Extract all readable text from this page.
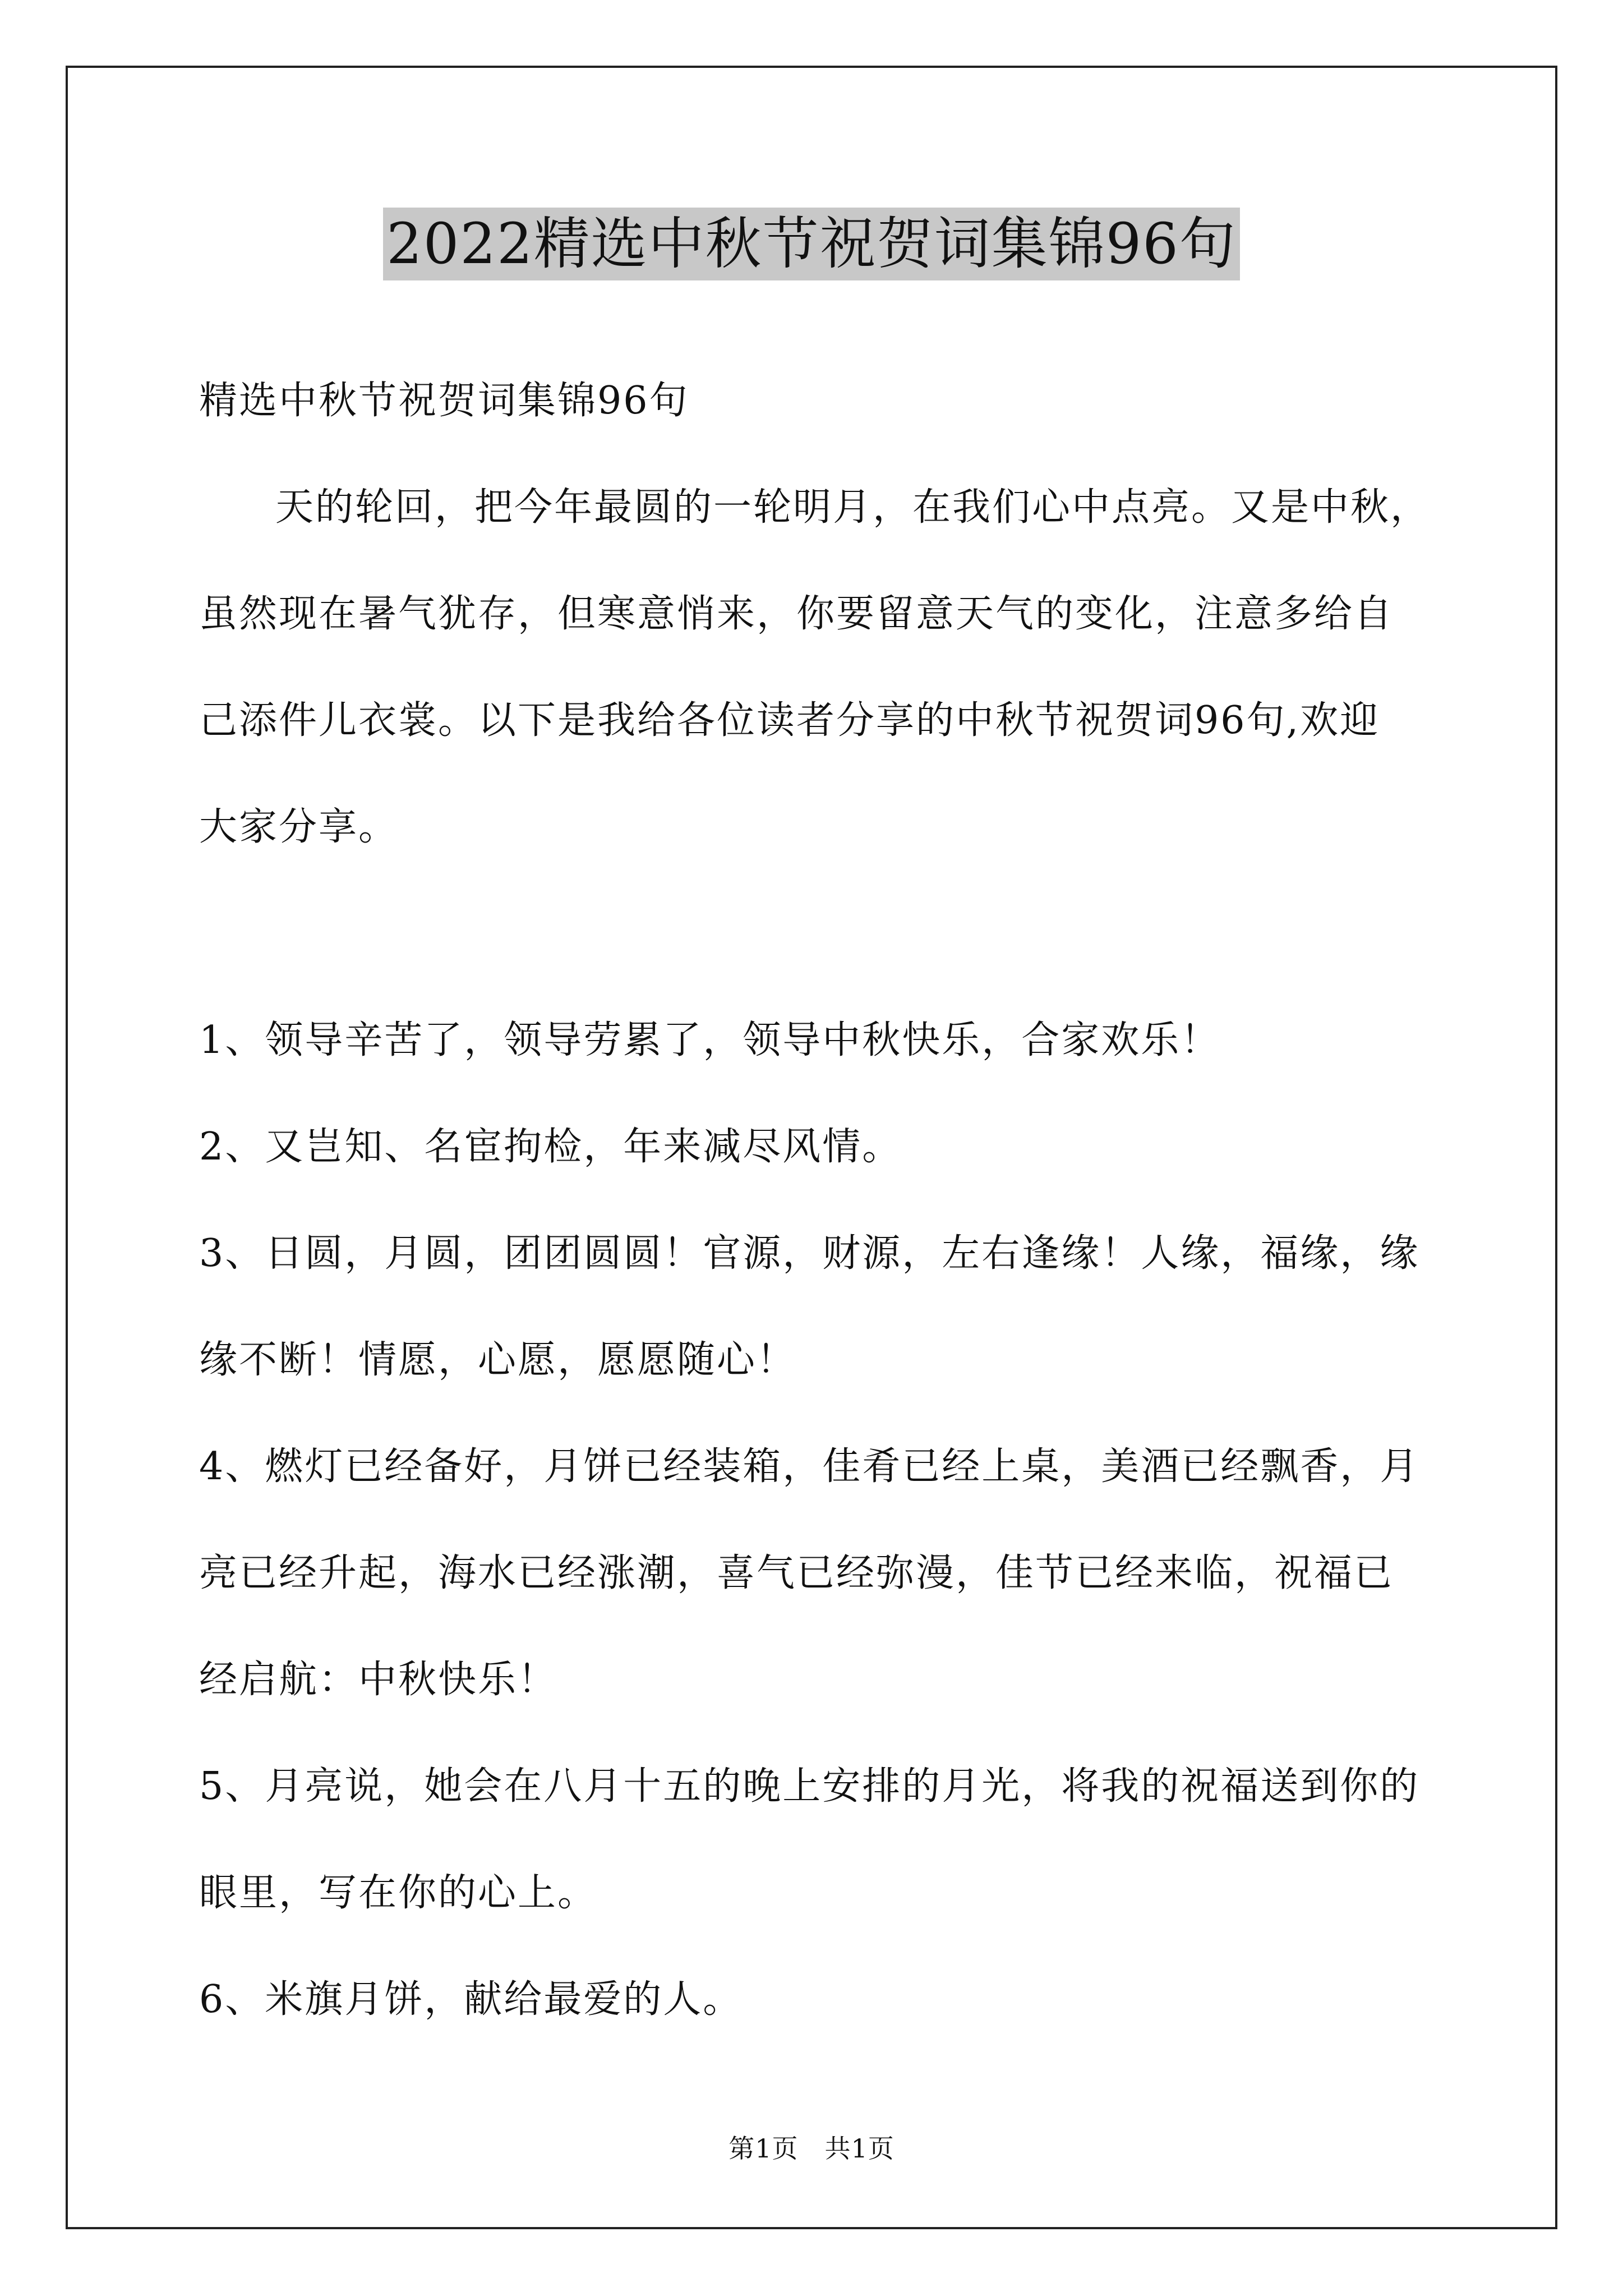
2022精选中秋节祝贺词集锦96句
精选中秋节祝贺词集锦96句
天的轮回，把今年最圆的一轮明月，在我们心中点亮。又是中秋，
虽然现在暑气犹存，但寒意悄来，你要留意天气的变化，注意多给自
己添件儿衣裳。以下是我给各位读者分享的中秋节祝贺词96句,欢迎
大家分享。
1、领导辛苦了，领导劳累了，领导中秋快乐，合家欢乐！
2、又岂知、名宦拘检，年来减尽风情。
3、日圆，月圆，团团圆圆！官源，财源，左右逢缘！人缘，福缘，缘
缘不断！情愿，心愿，愿愿随心！
4、燃灯已经备好，月饼已经装箱，佳肴已经上桌，美酒已经飘香，月
亮已经升起，海水已经涨潮，喜气已经弥漫，佳节已经来临，祝福已
经启航：中秋快乐！
5、月亮说，她会在八月十五的晚上安排的月光，将我的祝福送到你的
眼里，写在你的心上。
6、米旗月饼，献给最爱的人。
第1页　共1页
